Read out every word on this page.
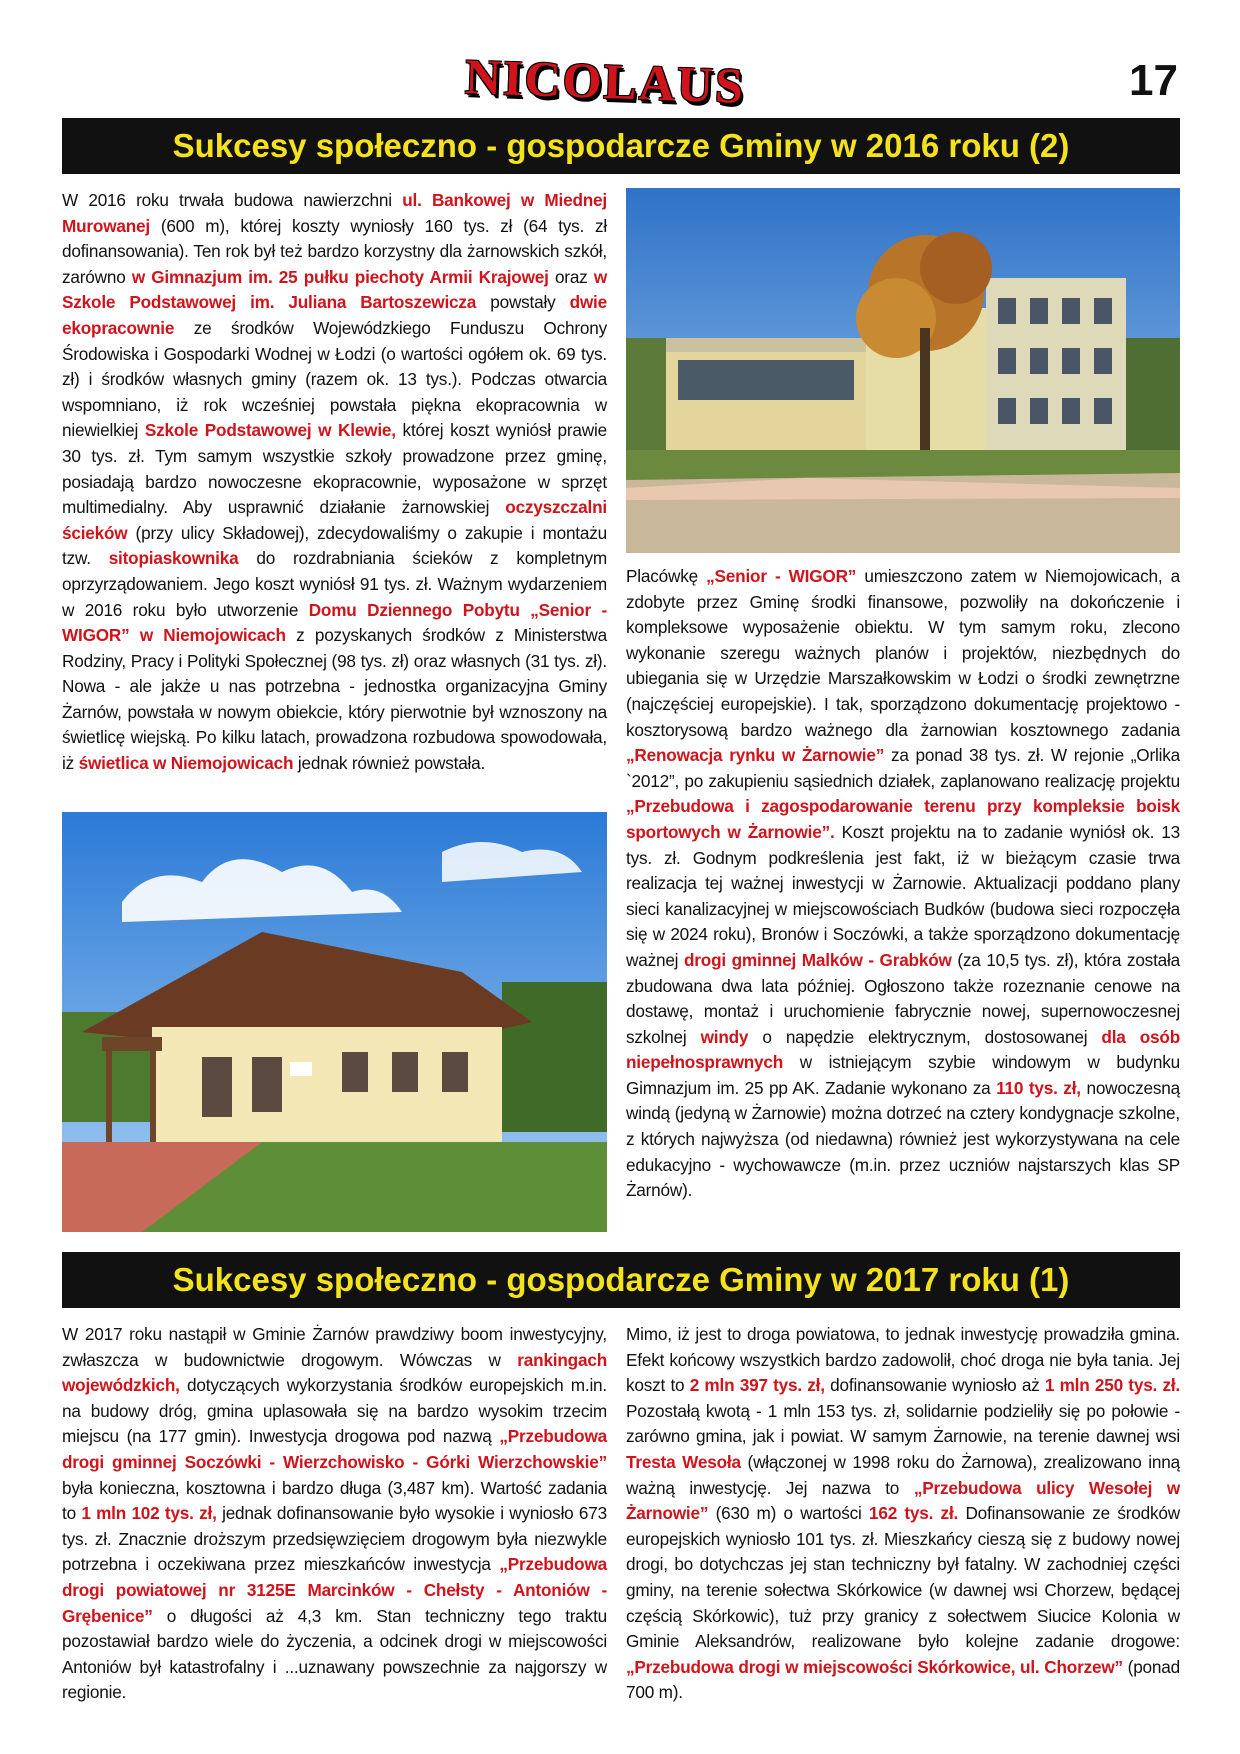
NICOLAUS	17
Sukcesy społeczno - gospodarcze Gminy w 2016 roku (2)
W 2016 roku trwała budowa nawierzchni ul. Bankowej w Miednej Murowanej (600 m), której koszty wyniosły 160 tys. zł (64 tys. zł dofinansowania). Ten rok był też bardzo korzystny dla żarnowskich szkół, zarówno w Gimnazjum im. 25 pułku piechoty Armii Krajowej oraz w Szkole Podstawowej im. Juliana Bartoszewicza powstały dwie ekopracownie ze środków Wojewódzkiego Funduszu Ochrony Środowiska i Gospodarki Wodnej w Łodzi (o wartości ogółem ok. 69 tys. zł) i środków własnych gminy (razem ok. 13 tys.). Podczas otwarcia wspomniano, iż rok wcześniej powstała piękna ekopracownia w niewielkiej Szkole Podstawowej w Klewie, której koszt wyniósł prawie 30 tys. zł. Tym samym wszystkie szkoły prowadzone przez gminę, posiadają bardzo nowoczesne ekopracownie, wyposażone w sprzęt multimedialny. Aby usprawnić działanie żarnowskiej oczyszczalni ścieków (przy ulicy Składowej), zdecydowaliśmy o zakupie i montażu tzw. sitopiaskownika do rozdrabniania ścieków z kompletnym oprzyrządowaniem. Jego koszt wyniósł 91 tys. zł. Ważnym wydarzeniem w 2016 roku było utworzenie Domu Dziennego Pobytu „Senior - WIGOR” w Niemojowicach z pozyskanych środków z Ministerstwa Rodziny, Pracy i Polityki Społecznej (98 tys. zł) oraz własnych (31 tys. zł). Nowa - ale jakże u nas potrzebna - jednostka organizacyjna Gminy Żarnów, powstała w nowym obiekcie, który pierwotnie był wznoszony na świetlicę wiejską. Po kilku latach, prowadzona rozbudowa spowodowała, iż świetlica w Niemojowicach jednak również powstała.
Placówkę „Senior - WIGOR” umieszczono zatem w Niemojowicach, a zdobyte przez Gminę środki finansowe, pozwoliły na dokończenie i kompleksowe wyposażenie obiektu. W tym samym roku, zlecono wykonanie szeregu ważnych planów i projektów, niezbędnych do ubiegania się w Urzędzie Marszałkowskim w Łodzi o środki zewnętrzne (najczęściej europejskie). I tak, sporządzono dokumentację projektowo - kosztorysową bardzo ważnego dla żarnowian kosztownego zadania „Renowacja rynku w Żarnowie” za ponad 38 tys. zł. W rejonie „Orlika `2012”, po zakupieniu sąsiednich działek, zaplanowano realizację projektu „Przebudowa i zagospodarowanie terenu przy kompleksie boisk sportowych w Żarnowie”. Koszt projektu na to zadanie wyniósł ok. 13 tys. zł. Godnym podkreślenia jest fakt, iż w bieżącym czasie trwa realizacja tej ważnej inwestycji w Żarnowie. Aktualizacji poddano plany sieci kanalizacyjnej w miejscowościach Budków (budowa sieci rozpoczęła się w 2024 roku), Bronów i Soczówki, a także sporządzono dokumentację ważnej drogi gminnej Malków - Grabków (za 10,5 tys. zł), która została zbudowana dwa lata później. Ogłoszono także rozeznanie cenowe na dostawę, montaż i uruchomienie fabrycznie nowej, supernowoczesnej szkolnej windy o napędzie elektrycznym, dostosowanej dla osób niepełnosprawnych w istniejącym szybie windowym w budynku Gimnazjum im. 25 pp AK. Zadanie wykonano za 110 tys. zł, nowoczesną windą (jedyną w Żarnowie) można dotrzeć na cztery kondygnacje szkolne, z których najwyższa (od niedawna) również jest wykorzystywana na cele edukacyjno - wychowawcze (m.in. przez uczniów najstarszych klas SP Żarnów).
Sukcesy społeczno - gospodarcze Gminy w 2017 roku (1)
W 2017 roku nastąpił w Gminie Żarnów prawdziwy boom inwestycyjny, zwłaszcza w budownictwie drogowym. Wówczas w rankingach wojewódzkich, dotyczących wykorzystania środków europejskich m.in. na budowy dróg, gmina uplasowała się na bardzo wysokim trzecim miejscu (na 177 gmin). Inwestycja drogowa pod nazwą „Przebudowa drogi gminnej Soczówki - Wierzchowisko - Górki Wierzchowskie” była konieczna, kosztowna i bardzo długa (3,487 km). Wartość zadania to 1 mln 102 tys. zł, jednak dofinansowanie było wysokie i wyniosło 673 tys. zł. Znacznie droższym przedsięwzięciem drogowym była niezwykle potrzebna i oczekiwana przez mieszkańców inwestycja „Przebudowa drogi powiatowej nr 3125E Marcinków - Chełsty - Antoniów - Grębenice” o długości aż 4,3 km. Stan techniczny tego traktu pozostawiał bardzo wiele do życzenia, a odcinek drogi w miejscowości Antoniów był katastrofalny i ...uznawany powszechnie za najgorszy w regionie.
Mimo, iż jest to droga powiatowa, to jednak inwestycję prowadziła gmina. Efekt końcowy wszystkich bardzo zadowolił, choć droga nie była tania. Jej koszt to 2 mln 397 tys. zł, dofinansowanie wyniosło aż 1 mln 250 tys. zł. Pozostałą kwotą - 1 mln 153 tys. zł, solidarnie podzieliły się po połowie - zarówno gmina, jak i powiat. W samym Żarnowie, na terenie dawnej wsi Tresta Wesoła (włączonej w 1998 roku do Żarnowa), zrealizowano inną ważną inwestycję. Jej nazwa to „Przebudowa ulicy Wesołej w Żarnowie” (630 m) o wartości 162 tys. zł. Dofinansowanie ze środków europejskich wyniosło 101 tys. zł. Mieszkańcy cieszą się z budowy nowej drogi, bo dotychczas jej stan techniczny był fatalny. W zachodniej części gminy, na terenie sołectwa Skórkowice (w dawnej wsi Chorzew, będącej częścią Skórkowic), tuż przy granicy z sołectwem Siucice Kolonia w Gminie Aleksandrów, realizowane było kolejne zadanie drogowe: „Przebudowa drogi w miejscowości Skórkowice, ul. Chorzew” (ponad 700 m).
